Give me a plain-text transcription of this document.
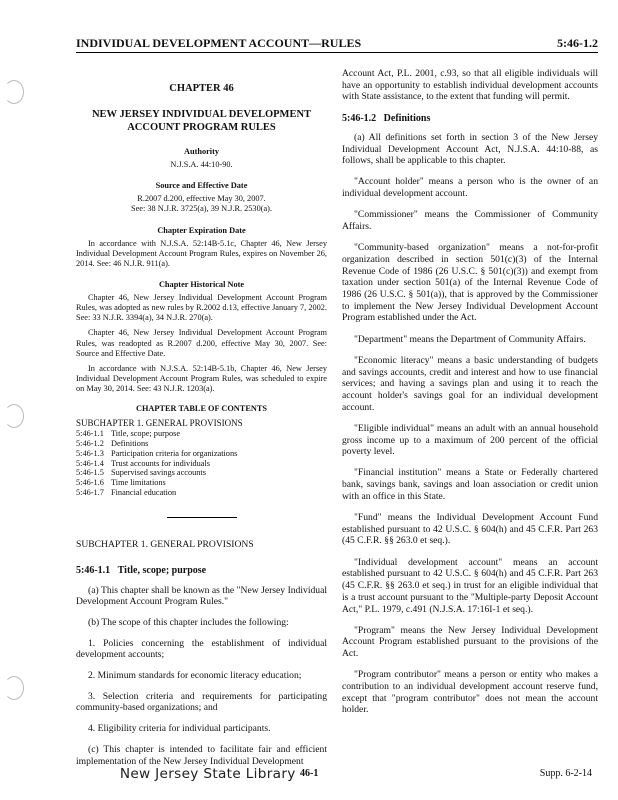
INDIVIDUAL DEVELOPMENT ACCOUNT—RULES	5:46-1.2
CHAPTER 46
NEW JERSEY INDIVIDUAL DEVELOPMENT ACCOUNT PROGRAM RULES
Authority
N.J.S.A. 44:10-90.
Source and Effective Date
R.2007 d.200, effective May 30, 2007.
See: 38 N.J.R. 3725(a), 39 N.J.R. 2530(a).
Chapter Expiration Date
In accordance with N.J.S.A. 52:14B-5.1c, Chapter 46, New Jersey Individual Development Account Program Rules, expires on November 26, 2014. See: 46 N.J.R. 911(a).
Chapter Historical Note
Chapter 46, New Jersey Individual Development Account Program Rules, was adopted as new rules by R.2002 d.13, effective January 7, 2002. See: 33 N.J.R. 3394(a), 34 N.J.R. 270(a).
Chapter 46, New Jersey Individual Development Account Program Rules, was readopted as R.2007 d.200, effective May 30, 2007. See: Source and Effective Date.
In accordance with N.J.S.A. 52:14B-5.1b, Chapter 46, New Jersey Individual Development Account Program Rules, was scheduled to expire on May 30, 2014. See: 43 N.J.R. 1203(a).
CHAPTER TABLE OF CONTENTS
SUBCHAPTER 1. GENERAL PROVISIONS
5:46-1.1 Title, scope; purpose
5:46-1.2 Definitions
5:46-1.3 Participation criteria for organizations
5:46-1.4 Trust accounts for individuals
5:46-1.5 Supervised savings accounts
5:46-1.6 Time limitations
5:46-1.7 Financial education
SUBCHAPTER 1. GENERAL PROVISIONS
5:46-1.1 Title, scope; purpose

(a) This chapter shall be known as the "New Jersey Individual Development Account Program Rules."

(b) The scope of this chapter includes the following:

1. Policies concerning the establishment of individual development accounts;

2. Minimum standards for economic literacy education;

3. Selection criteria and requirements for participating community-based organizations; and

4. Eligibility criteria for individual participants.

(c) This chapter is intended to facilitate fair and efficient implementation of the New Jersey Individual Development

Account Act, P.L. 2001, c.93, so that all eligible individuals will have an opportunity to establish individual development accounts with State assistance, to the extent that funding will permit.

5:46-1.2 Definitions

(a) All definitions set forth in section 3 of the New Jersey Individual Development Account Act, N.J.S.A. 44:10-88, as follows, shall be applicable to this chapter.

"Account holder" means a person who is the owner of an individual development account.

"Commissioner" means the Commissioner of Community Affairs.

"Community-based organization" means a not-for-profit organization described in section 501(c)(3) of the Internal Revenue Code of 1986 (26 U.S.C. § 501(c)(3)) and exempt from taxation under section 501(a) of the Internal Revenue Code of 1986 (26 U.S.C. § 501(a)), that is approved by the Commissioner to implement the New Jersey Individual Development Account Program established under the Act.

"Department" means the Department of Community Affairs.

"Economic literacy" means a basic understanding of budgets and savings accounts, credit and interest and how to use financial services; and having a savings plan and using it to reach the account holder's savings goal for an individual development account.

"Eligible individual" means an adult with an annual household gross income up to a maximum of 200 percent of the official poverty level.

"Financial institution" means a State or Federally chartered bank, savings bank, savings and loan association or credit union with an office in this State.

"Fund" means the Individual Development Account Fund established pursuant to 42 U.S.C. § 604(h) and 45 C.F.R. Part 263 (45 C.F.R. §§ 263.0 et seq.).

"Individual development account" means an account established pursuant to 42 U.S.C. § 604(h) and 45 C.F.R. Part 263 (45 C.F.R. §§ 263.0 et seq.) in trust for an eligible individual that is a trust account pursuant to the "Multiple-party Deposit Account Act," P.L. 1979, c.491 (N.J.S.A. 17:16I-1 et seq.).

"Program" means the New Jersey Individual Development Account Program established pursuant to the provisions of the Act.

"Program contributor" means a person or entity who makes a contribution to an individual development account reserve fund, except that "program contributor" does not mean the account holder.

New Jersey State Library 46-1	Supp. 6-2-14
